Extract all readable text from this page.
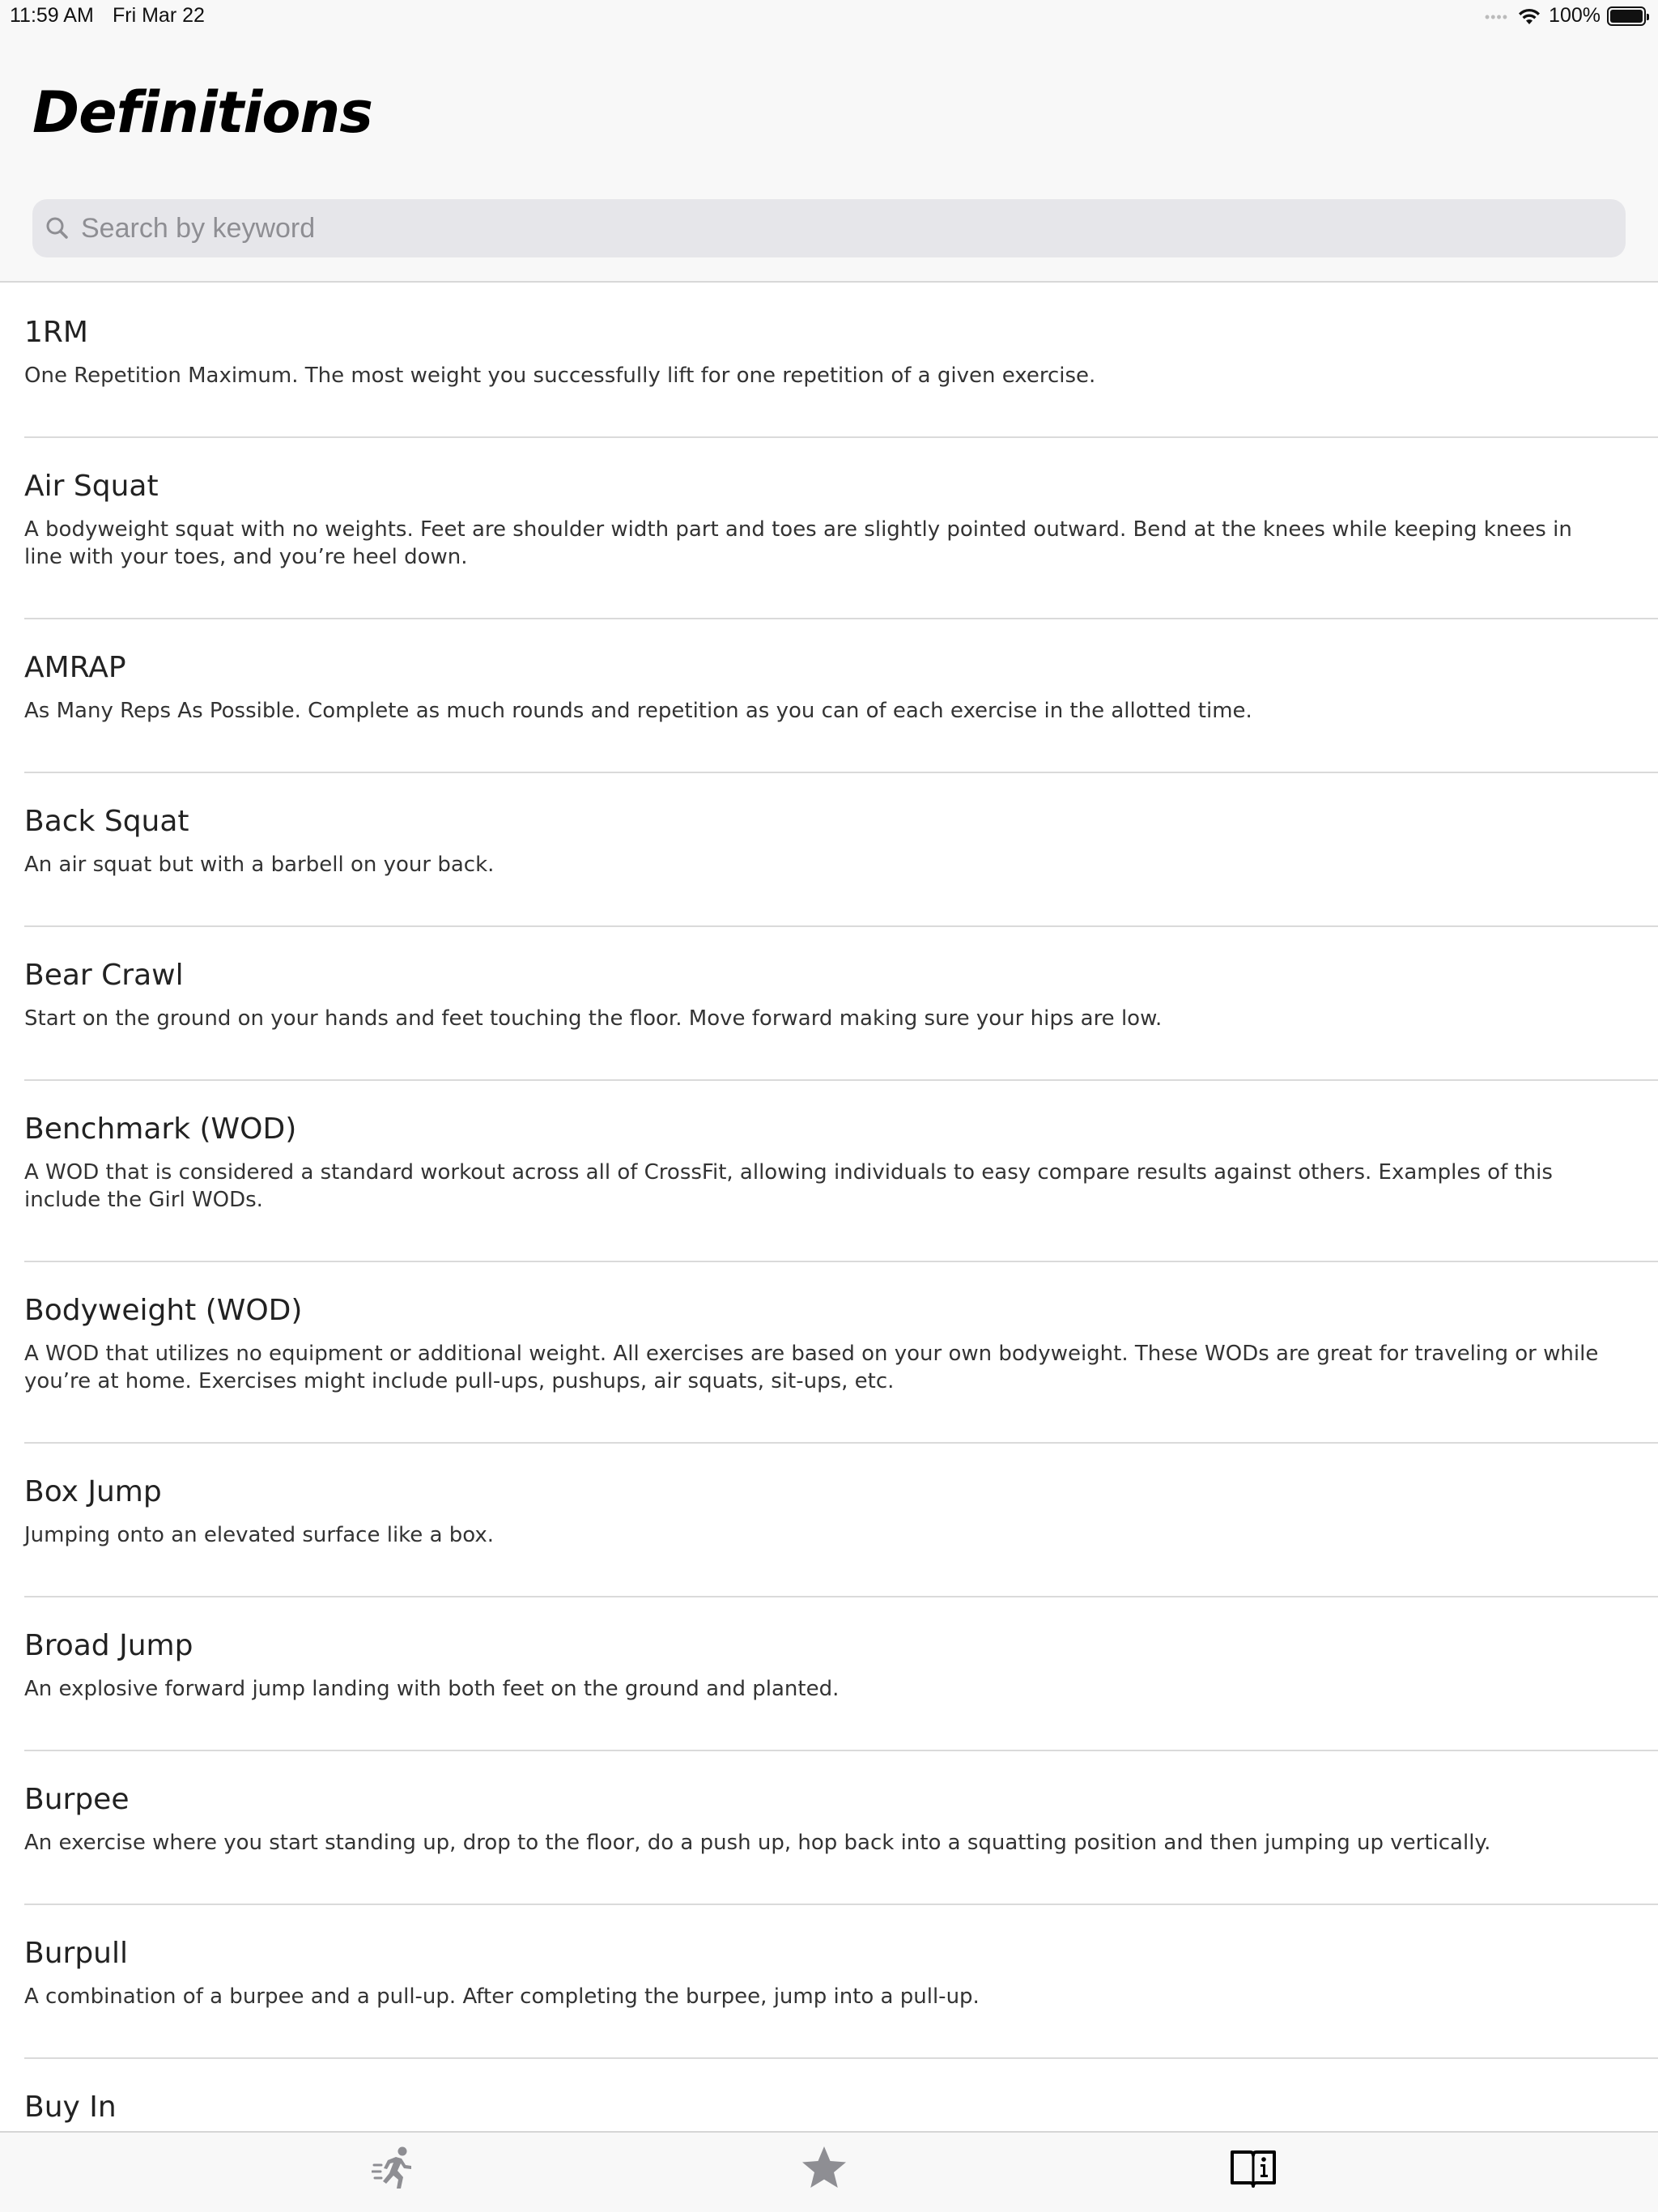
11:59 AM Fri Mar 22	•••• 100%
Definitions
Search by keyword
1RM
One Repetition Maximum. The most weight you successfully lift for one repetition of a given exercise.
Air Squat
A bodyweight squat with no weights. Feet are shoulder width part and toes are slightly pointed outward. Bend at the knees while keeping knees in line with your toes, and you’re heel down.
AMRAP
As Many Reps As Possible. Complete as much rounds and repetition as you can of each exercise in the allotted time.
Back Squat
An air squat but with a barbell on your back.
Bear Crawl
Start on the ground on your hands and feet touching the floor. Move forward making sure your hips are low.
Benchmark (WOD)
A WOD that is considered a standard workout across all of CrossFit, allowing individuals to easy compare results against others. Examples of this include the Girl WODs.
Bodyweight (WOD)
A WOD that utilizes no equipment or additional weight. All exercises are based on your own bodyweight. These WODs are great for traveling or while you’re at home. Exercises might include pull-ups, pushups, air squats, sit-ups, etc.
Box Jump
Jumping onto an elevated surface like a box.
Broad Jump
An explosive forward jump landing with both feet on the ground and planted.
Burpee
An exercise where you start standing up, drop to the floor, do a push up, hop back into a squatting position and then jumping up vertically.
Burpull
A combination of a burpee and a pull-up. After completing the burpee, jump into a pull-up.
Buy In
